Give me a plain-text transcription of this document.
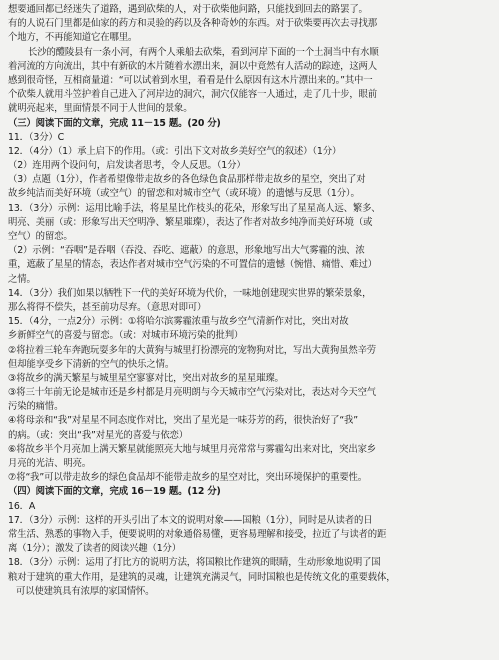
想要通回都已经迷失了道路，遇到砍柴的人，对于砍柴他问路，只能找到回去的路罢了。
有的人说石门里都是仙家的药方和灵验的药以及各种奇妙的东西。对于砍柴要再次去寻找那
个地方，不再能知道它在哪里。
长沙的醴陵县有一条小河，有两个人乘船去砍柴，看到河岸下面的一个土洞当中有水顺
着河流的方向流出，其中有新砍的木片随着水漂出来，洞以中竟然有人活动的踪迹，这两人
感到很奇怪，互相商量道：“可以试着到水里，看看是什么原因有这木片漂出来的。”其中一
个砍柴人就用斗笠护着自己进入了河岸边的洞穴，洞穴仅能容一人通过，走了几十步，眼前
就明亮起来，里面情景不同于人世间的景象。
（三）阅读下面的文章，完成 11－15 题。(20 分)
11．（3分）C
12．（4分）（1）承上启下的作用。（或：引出下文对故乡美好空气的叙述）（1分）
（2）连用两个设问句，启发读者思考，令人反思。（1分）
（3）点题（1分），作者希望像带走故乡的各色绿色食品那样带走故乡的星空，突出了对
故乡纯洁而美好环境（或空气）的留恋和对城市空气（或环境）的遗憾与反思（1分）。
13．（3分）示例：运用比喻手法，将星星比作枝头的花朵，形象写出了星星高人远、繁多、
明亮、美丽（或：形象写出天空明净、繁星璀璨），表达了作者对故乡纯净而美好环境（或
空气）的留恋。
（2）示例：“吞咽”是吞咽（吞没、吞吃、遮蔽）的意思，形象地写出大气雾霾的浊、浓
重，遮蔽了星星的情态，表达作者对城市空气污染的不可置信的遗憾（惋惜、痛惜、难过）
之情。
14．（3分）我们如果以牺牲下一代的美好环境为代价，一味地创建现实世界的繁荣景象，
那么将得不偿失，甚至前功尽弃。（意思对即可）
15．（4分，一点2分）示例：①将哈尔滨雾霾浓重与故乡空气清新作对比，突出对故
乡新鲜空气的喜爱与留恋。（或：对城市环境污染的批判）
②将拉着三轮车奔跑玩耍多年的大黄狗与城里打扮漂亮的宠物狗对比，写出大黄狗虽然辛劳
但却能享受乡下清新的空气的快乐之情。
③将故乡的满天繁星与城里星空寥寥对比，突出对故乡的星星璀璨。
③将三十年前无论是城市还是乡村都是月亮明朗与今天城市空气污染对比，表达对今天空气
污染的痛惜。
④将母亲和“我”对星星不同态度作对比，突出了星光是一味芬芳的药，很快治好了“我”
的病。（或：突出“我”对星光的喜爱与依恋）
⑥将故乡半个月亮加上满天繁星就能照亮大地与城里月亮常常与雾霾勾出来对比，突出家乡
月亮的光洁、明亮。
⑦将“我”可以带走故乡的绿色食品却不能带走故乡的星空对比，突出环境保护的重要性。
（四）阅读下面的文章，完成 16－19 题。(12 分)
16．A
17．（3分）示例：这样的开头引出了本文的说明对象——国粮（1分），同时是从读者的日
常生活、熟悉的事物入手，便要说明的对象通俗易懂，更容易理解和接受，拉近了与读者的距
离（1分）；激发了读者的阅读兴趣（1分）
18．（3分）示例：运用了打比方的说明方法，将国粮比作建筑的眼睛，生动形象地说明了国
粮对于建筑的重大作用，是建筑的灵魂，让建筑充满灵气，同时国粮也是传统文化的重要载体，
可以使建筑具有浓厚的家国情怀。
